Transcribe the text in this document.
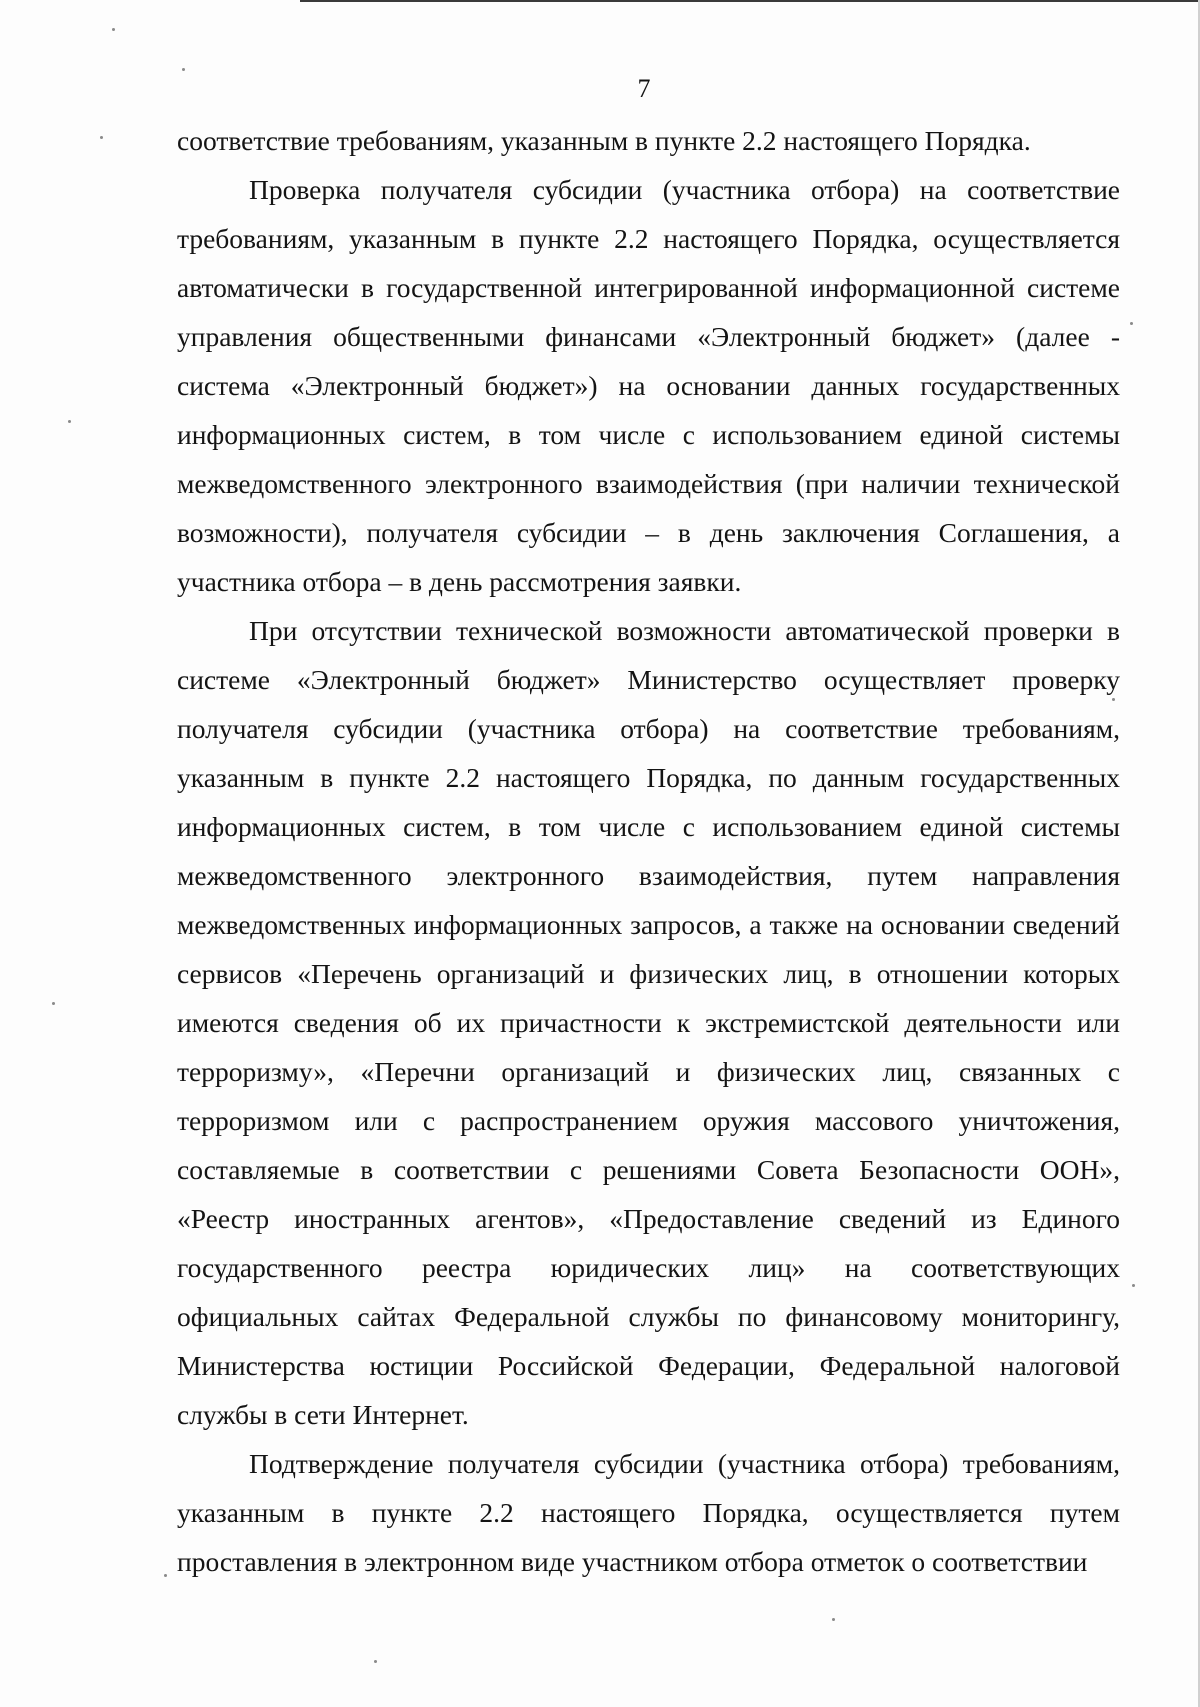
7

соответствие требованиям, указанным в пункте 2.2 настоящего Порядка.

Проверка получателя субсидии (участника отбора) на соответствие требованиям, указанным в пункте 2.2 настоящего Порядка, осуществляется автоматически в государственной интегрированной информационной системе управления общественными финансами «Электронный бюджет» (далее - система «Электронный бюджет») на основании данных государственных информационных систем, в том числе с использованием единой системы межведомственного электронного взаимодействия (при наличии технической возможности), получателя субсидии – в день заключения Соглашения, а участника отбора – в день рассмотрения заявки.

При отсутствии технической возможности автоматической проверки в системе «Электронный бюджет» Министерство осуществляет проверку получателя субсидии (участника отбора) на соответствие требованиям, указанным в пункте 2.2 настоящего Порядка, по данным государственных информационных систем, в том числе с использованием единой системы межведомственного электронного взаимодействия, путем направления межведомственных информационных запросов, а также на основании сведений сервисов «Перечень организаций и физических лиц, в отношении которых имеются сведения об их причастности к экстремистской деятельности или терроризму», «Перечни организаций и физических лиц, связанных с терроризмом или с распространением оружия массового уничтожения, составляемые в соответствии с решениями Совета Безопасности ООН», «Реестр иностранных агентов», «Предоставление сведений из Единого государственного реестра юридических лиц» на соответствующих официальных сайтах Федеральной службы по финансовому мониторингу, Министерства юстиции Российской Федерации, Федеральной налоговой службы в сети Интернет.

Подтверждение получателя субсидии (участника отбора) требованиям, указанным в пункте 2.2 настоящего Порядка, осуществляется путем проставления в электронном виде участником отбора отметок о соответствии
